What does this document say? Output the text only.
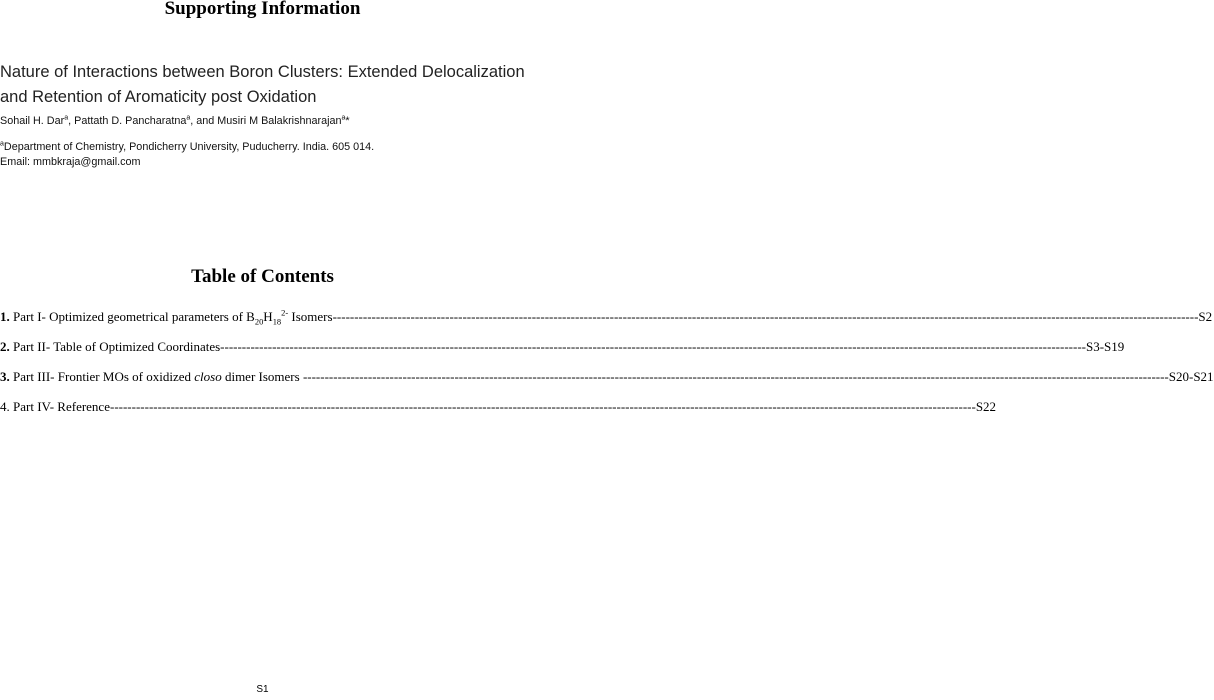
Supporting Information
Nature of Interactions between Boron Clusters: Extended Delocalization and Retention of Aromaticity post Oxidation
Sohail H. Dar$^a$, Pattath D. Pancharatna$^a$, and Musiri M Balakrishnarajan$^a$*
$^a$Department of Chemistry, Pondicherry University, Puducherry. India. 605 014.
Email: mmbkraja@gmail.com
Table of Contents
1. Part I- Optimized geometrical parameters of $B_{20}H_{18}^{2-}$ Isomers -------------------------------------------------------------------------------------------------------------------------------------------------------------------------------------------------------- S2
2. Part II- Table of Optimized Coordinates -------------------------------------------------------------------------------------------------------------------------------------------------------------------------------------------------------- S3-S19
3. Part III- Frontier MOs of oxidized closo dimer Isomers -------------------------------------------------------------------------------------------------------------------------------------------------------------------------------------------------------- S20-S21
4. Part IV- Reference -------------------------------------------------------------------------------------------------------------------------------------------------------------------------------------------------------- S22
S1
